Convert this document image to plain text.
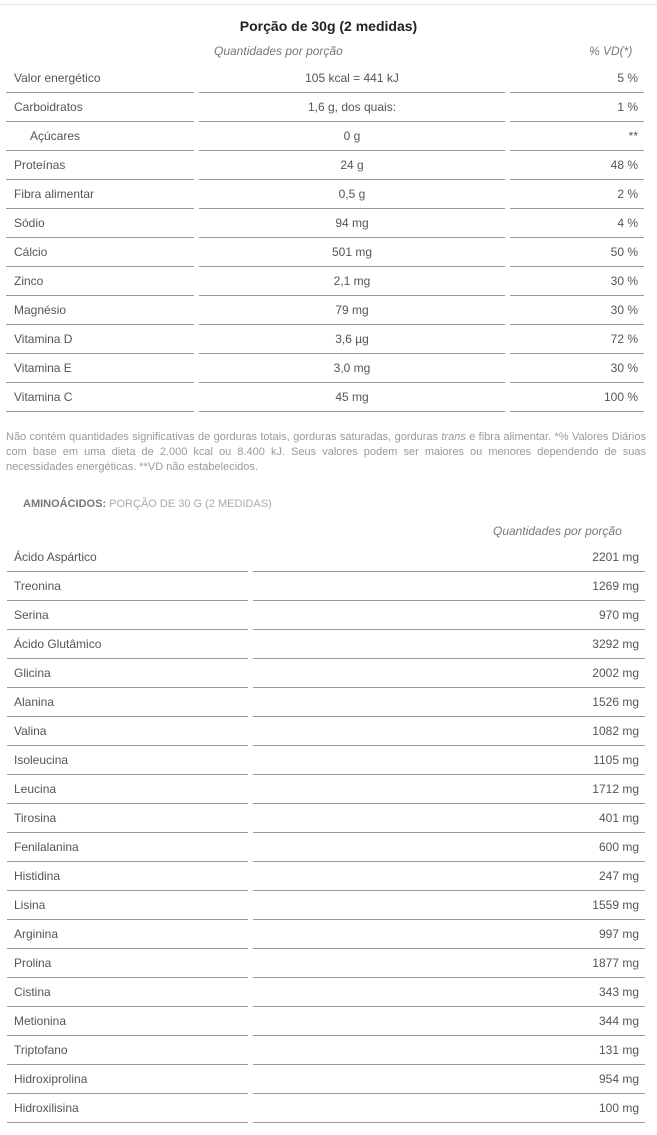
Porção de 30g (2 medidas)
Quantidades por porção	% VD(*)
Valor energético	105 kcal = 441 kJ	5 %
Carboidratos	1,6 g, dos quais:	1 %
Açúcares	0 g	**
Proteínas	24 g	48 %
Fibra alimentar	0,5 g	2 %
Sódio	94 mg	4 %
Cálcio	501 mg	50 %
Zinco	2,1 mg	30 %
Magnésio	79 mg	30 %
Vitamina D	3,6 µg	72 %
Vitamina E	3,0 mg	30 %
Vitamina C	45 mg	100 %
Não contém quantidades significativas de gorduras totais, gorduras saturadas, gorduras trans e fibra alimentar. *% Valores Diários com base em uma dieta de 2.000 kcal ou 8.400 kJ. Seus valores podem ser maiores ou menores dependendo de suas necessidades energéticas. **VD não estabelecidos.
AMINOÁCIDOS: PORÇÃO DE 30 G (2 MEDIDAS)
Quantidades por porção
Ácido Aspártico	2201 mg
Treonina	1269 mg
Serina	970 mg
Ácido Glutâmico	3292 mg
Glicina	2002 mg
Alanina	1526 mg
Valina	1082 mg
Isoleucina	1105 mg
Leucina	1712 mg
Tirosina	401 mg
Fenilalanina	600 mg
Histidina	247 mg
Lisina	1559 mg
Arginina	997 mg
Prolina	1877 mg
Cistina	343 mg
Metionina	344 mg
Triptofano	131 mg
Hidroxiprolina	954 mg
Hidroxilisina	100 mg
